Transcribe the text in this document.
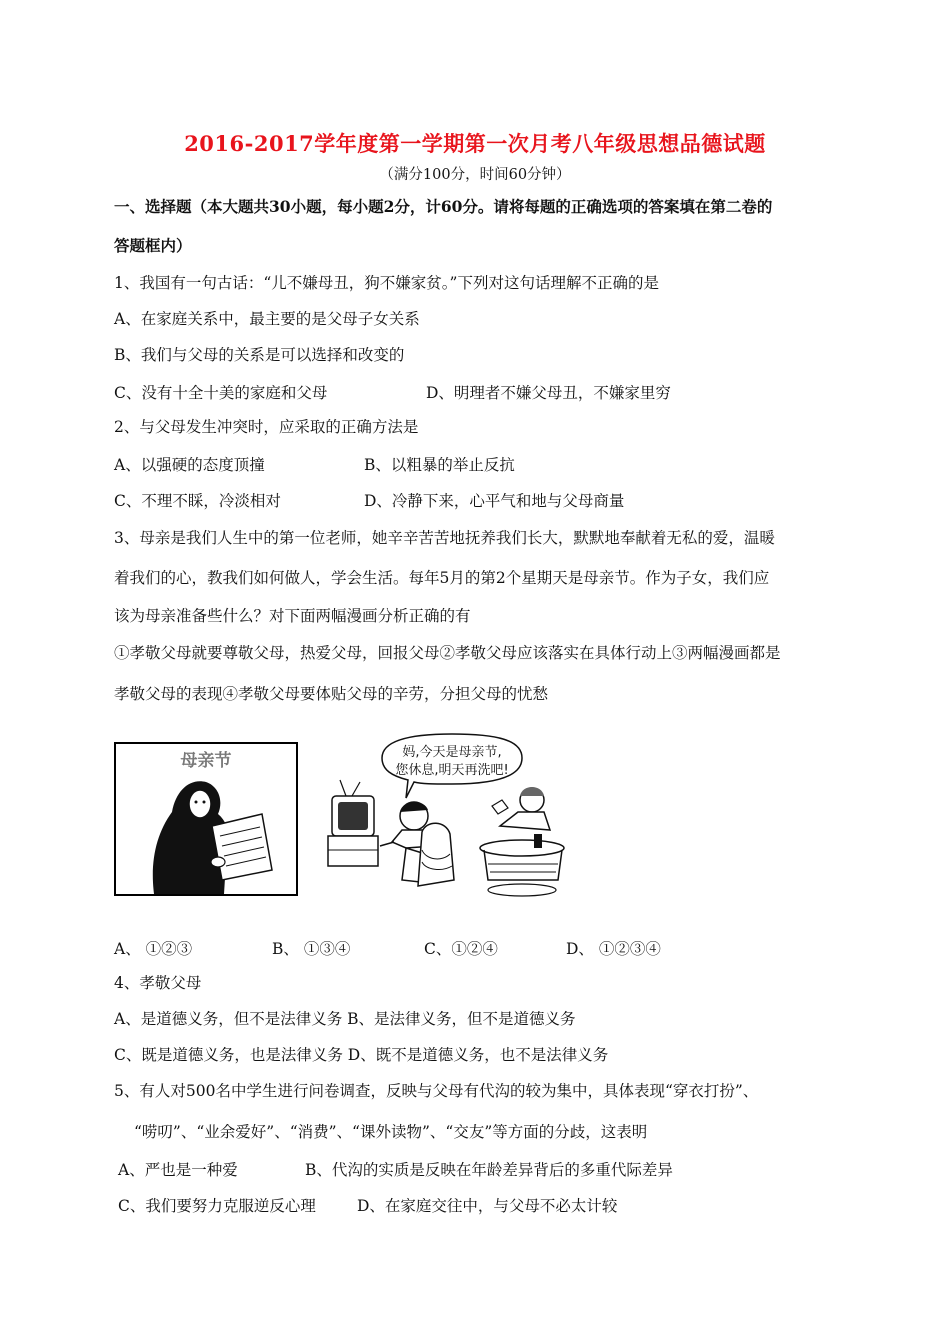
2016-2017学年度第一学期第一次月考八年级思想品德试题
（满分100分，时间60分钟）
一、选择题（本大题共30小题，每小题2分，计60分。请将每题的正确选项的答案填在第二卷的
答题框内）
1、我国有一句古话：“儿不嫌母丑，狗不嫌家贫。”下列对这句话理解不正确的是
A、在家庭关系中，最主要的是父母子女关系
B、我们与父母的关系是可以选择和改变的
C、没有十全十美的家庭和父母	D、明理者不嫌父母丑，不嫌家里穷
2、与父母发生冲突时，应采取的正确方法是
A、以强硬的态度顶撞	B、以粗暴的举止反抗
C、不理不睬，冷淡相对	D、冷静下来，心平气和地与父母商量
3、母亲是我们人生中的第一位老师，她辛辛苦苦地抚养我们长大，默默地奉献着无私的爱，温暖
着我们的心，教我们如何做人，学会生活。每年5月的第2个星期天是母亲节。作为子女，我们应
该为母亲准备些什么？对下面两幅漫画分析正确的有
①孝敬父母就要尊敬父母，热爱父母，回报父母②孝敬父母应该落实在具体行动上③两幅漫画都是
孝敬父母的表现④孝敬父母要体贴父母的辛劳，分担父母的忧愁
母亲节	妈,今天是母亲节,
您休息,明天再洗吧!
A、 ①②③	B、 ①③④	C、①②④	D、 ①②③④
4、孝敬父母
A、是道德义务，但不是法律义务 B、是法律义务，但不是道德义务
C、既是道德义务，也是法律义务 D、既不是道德义务，也不是法律义务
5、有人对500名中学生进行问卷调查，反映与父母有代沟的较为集中，具体表现“穿衣打扮”、
“唠叨”、“业余爱好”、“消费”、“课外读物”、“交友”等方面的分歧，这表明
A、严也是一种爱	B、代沟的实质是反映在年龄差异背后的多重代际差异
C、我们要努力克服逆反心理	D、在家庭交往中，与父母不必太计较
